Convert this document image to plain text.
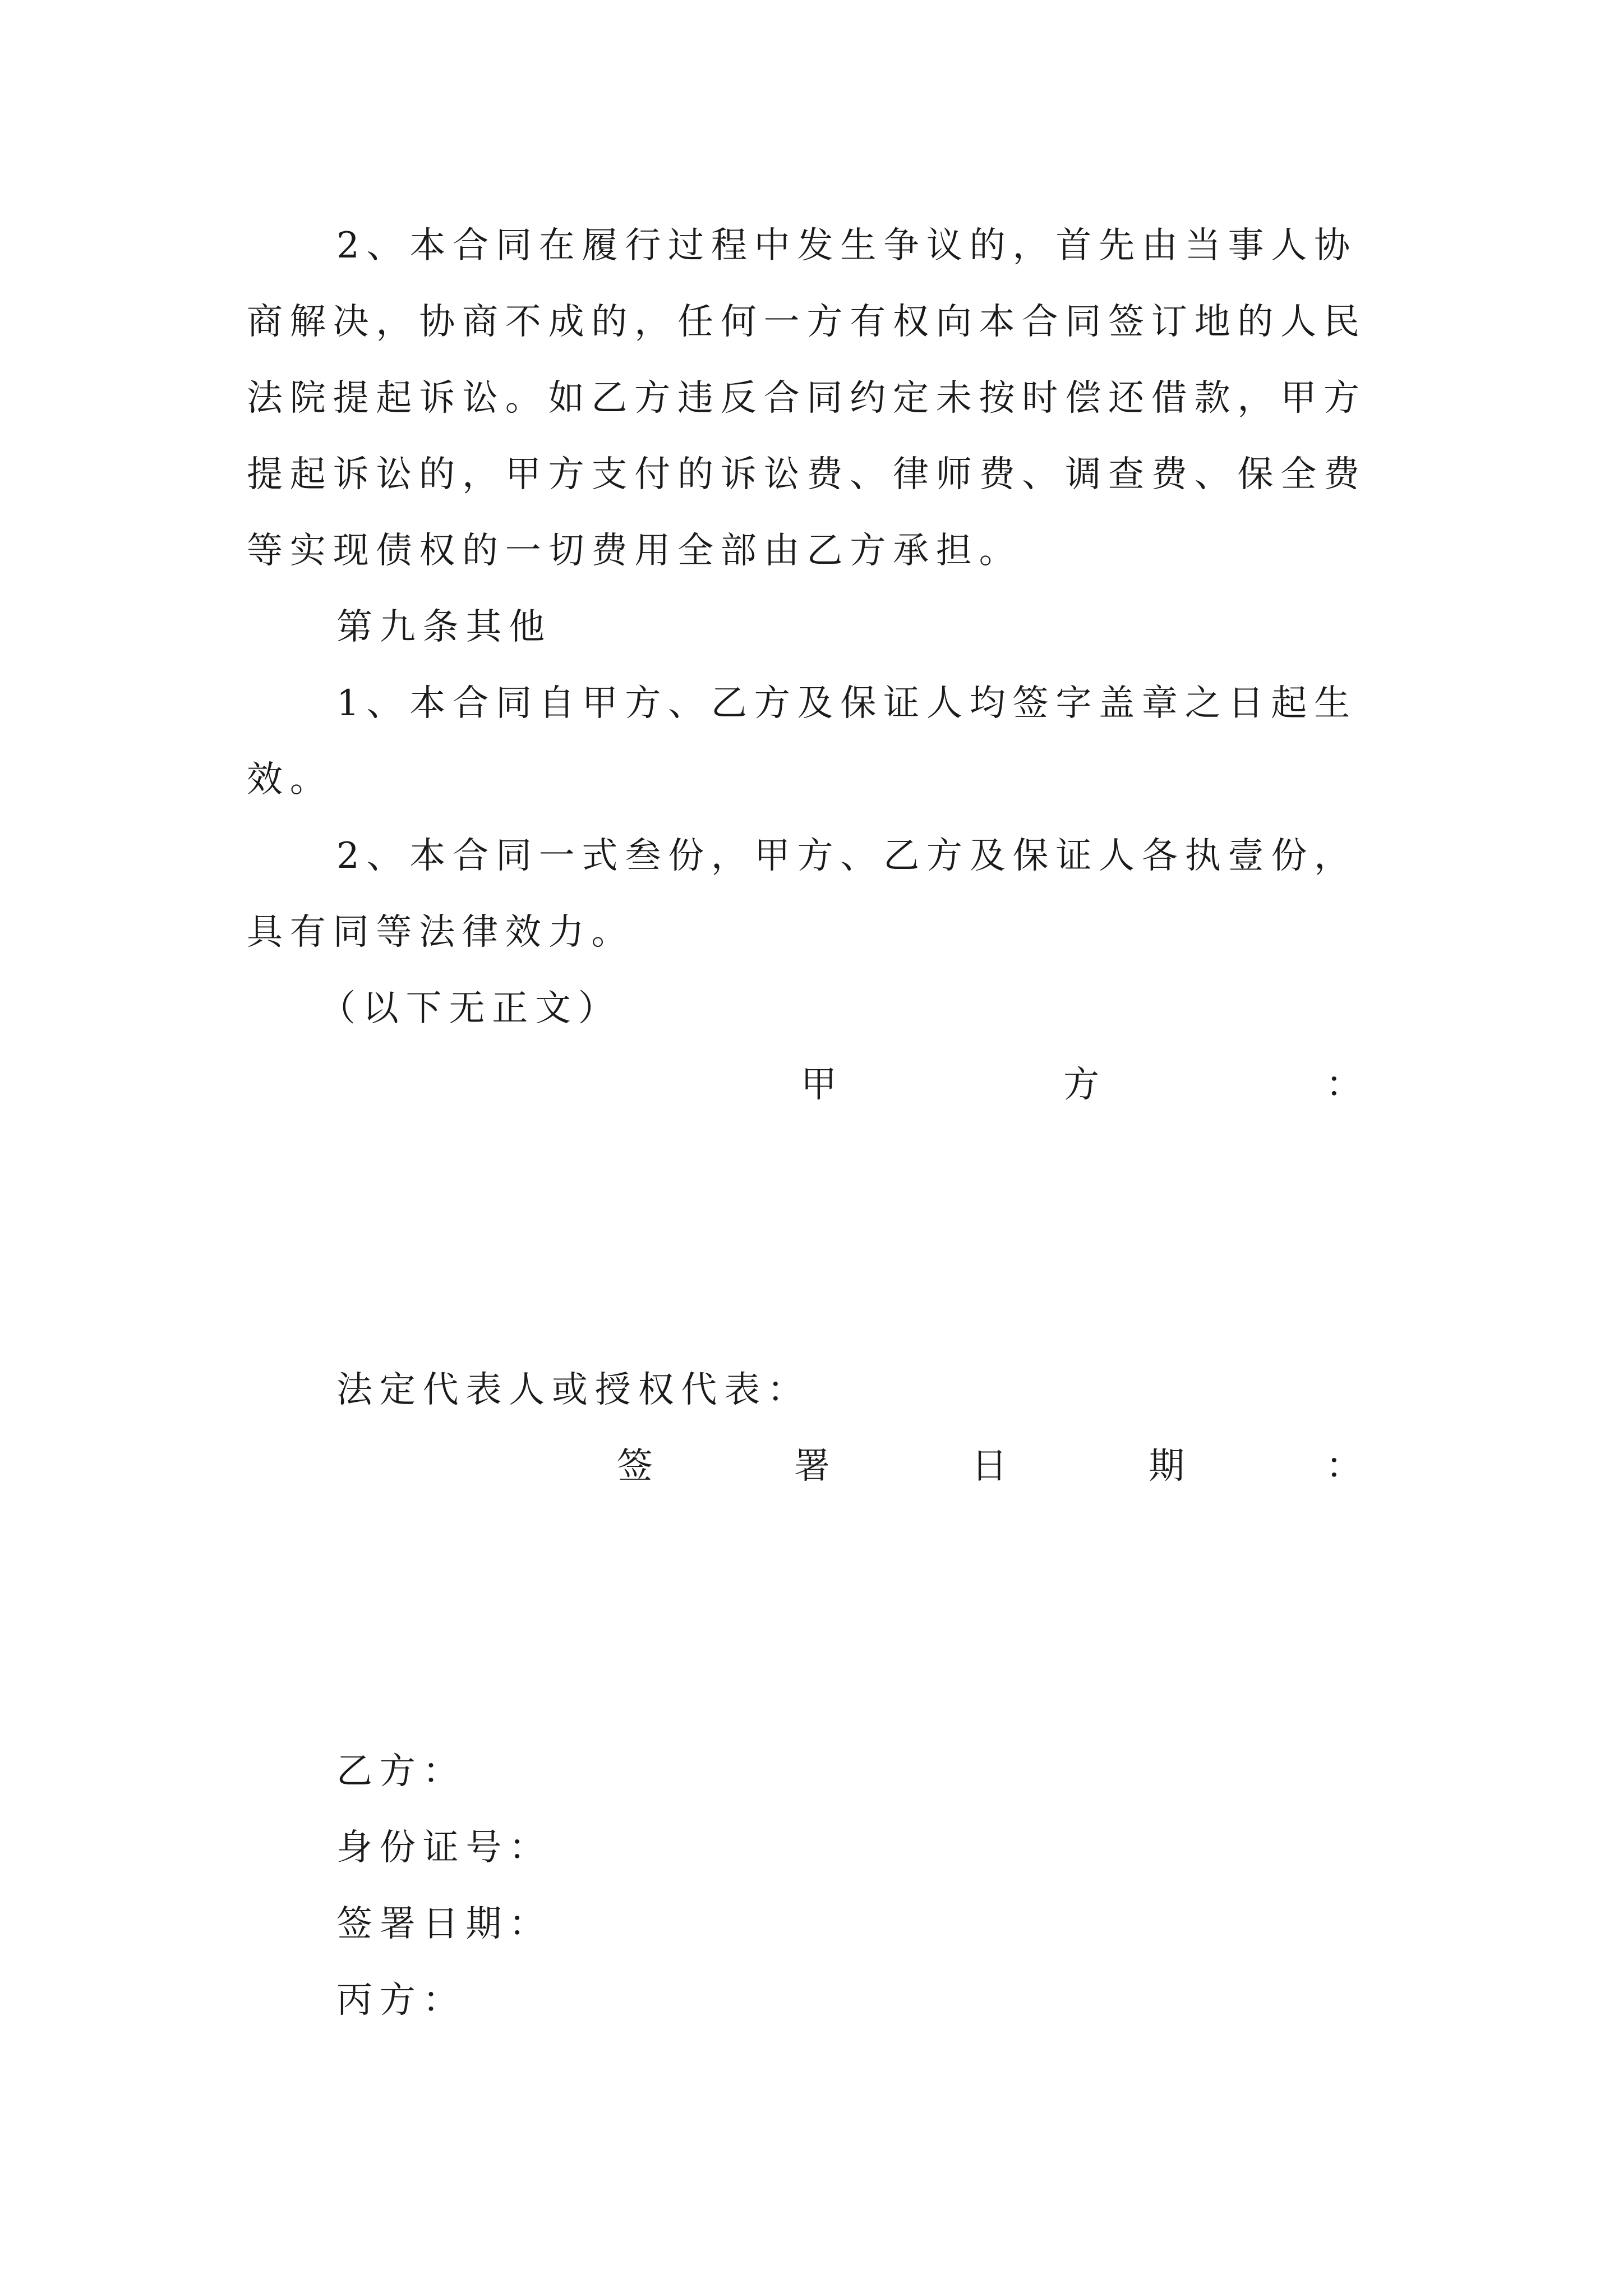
2、本合同在履行过程中发生争议的，首先由当事人协
商解决，协商不成的，任何一方有权向本合同签订地的人民
法院提起诉讼。如乙方违反合同约定未按时偿还借款，甲方
提起诉讼的，甲方支付的诉讼费、律师费、调查费、保全费
等实现债权的一切费用全部由乙方承担。
第九条其他
1、本合同自甲方、乙方及保证人均签字盖章之日起生
效。
2、本合同一式叁份，甲方、乙方及保证人各执壹份，
具有同等法律效力。
（以下无正文）
甲	方	：
法定代表人或授权代表：
签	署	日	期	：
乙方：
身份证号：
签署日期：
丙方：
